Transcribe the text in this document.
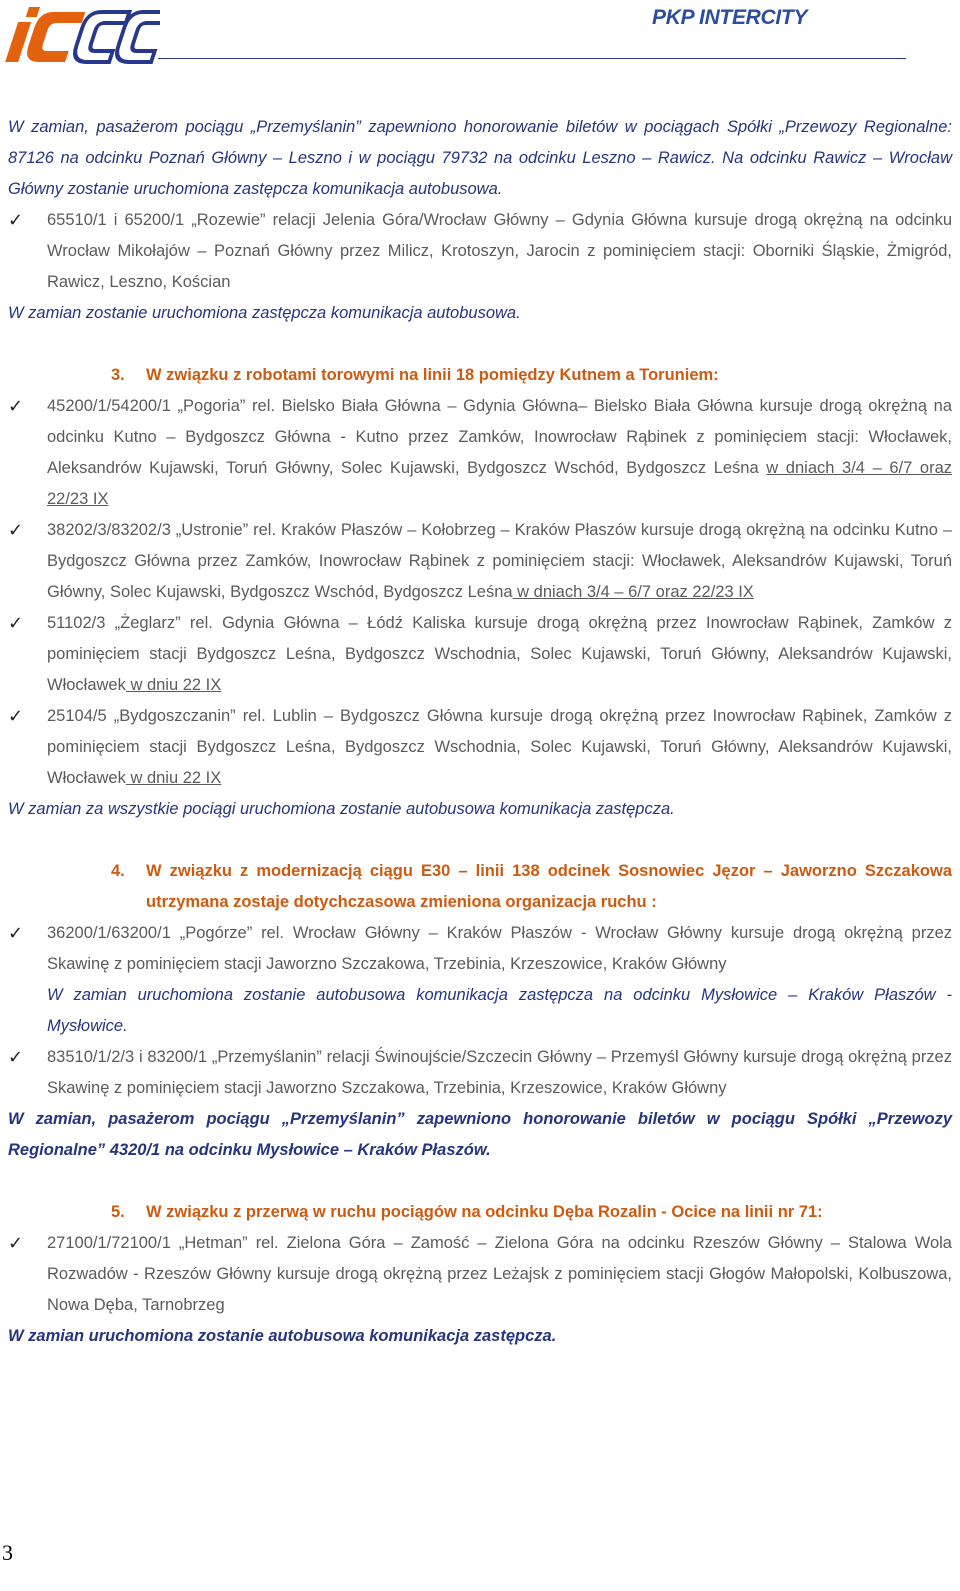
PKP INTERCITY

W zamian, pasażerom pociągu „Przemyślanin” zapewniono honorowanie biletów w pociągach Spółki „Przewozy Regionalne: 87126 na odcinku Poznań Główny – Leszno i w pociągu 79732 na odcinku Leszno – Rawicz. Na odcinku Rawicz – Wrocław Główny zostanie uruchomiona zastępcza komunikacja autobusowa.
✓ 65510/1 i 65200/1 „Rozewie” relacji Jelenia Góra/Wrocław Główny – Gdynia Główna kursuje drogą okrężną na odcinku Wrocław Mikołajów – Poznań Główny przez Milicz, Krotoszyn, Jarocin z pominięciem stacji: Oborniki Śląskie, Żmigród, Rawicz, Leszno, Kościan
W zamian zostanie uruchomiona zastępcza komunikacja autobusowa.
3.	W związku z robotami torowymi na linii 18 pomiędzy Kutnem a Toruniem:
✓ 45200/1/54200/1 „Pogoria” rel. Bielsko Biała Główna – Gdynia Główna– Bielsko Biała Główna kursuje drogą okrężną na odcinku Kutno – Bydgoszcz Główna - Kutno przez Zamków, Inowrocław Rąbinek z pominięciem stacji: Włocławek, Aleksandrów Kujawski, Toruń Główny, Solec Kujawski, Bydgoszcz Wschód, Bydgoszcz Leśna w dniach 3/4 – 6/7 oraz 22/23 IX
✓ 38202/3/83202/3 „Ustronie” rel. Kraków Płaszów – Kołobrzeg – Kraków Płaszów kursuje drogą okrężną na odcinku Kutno – Bydgoszcz Główna przez Zamków, Inowrocław Rąbinek z pominięciem stacji: Włocławek, Aleksandrów Kujawski, Toruń Główny, Solec Kujawski, Bydgoszcz Wschód, Bydgoszcz Leśna w dniach 3/4 – 6/7 oraz 22/23 IX
✓ 51102/3 „Żeglarz” rel. Gdynia Główna – Łódź Kaliska kursuje drogą okrężną przez Inowrocław Rąbinek, Zamków z pominięciem stacji Bydgoszcz Leśna, Bydgoszcz Wschodnia, Solec Kujawski, Toruń Główny, Aleksandrów Kujawski, Włocławek w dniu 22 IX
✓ 25104/5 „Bydgoszczanin” rel. Lublin – Bydgoszcz Główna kursuje drogą okrężną przez Inowrocław Rąbinek, Zamków z pominięciem stacji Bydgoszcz Leśna, Bydgoszcz Wschodnia, Solec Kujawski, Toruń Główny, Aleksandrów Kujawski, Włocławek w dniu 22 IX
W zamian za wszystkie pociągi uruchomiona zostanie autobusowa komunikacja zastępcza.
4.	W związku z modernizacją ciągu E30 – linii 138 odcinek Sosnowiec Jęzor – Jaworzno Szczakowa utrzymana zostaje dotychczasowa zmieniona organizacja ruchu :
✓ 36200/1/63200/1 „Pogórze” rel. Wrocław Główny – Kraków Płaszów - Wrocław Główny kursuje drogą okrężną przez Skawinę z pominięciem stacji Jaworzno Szczakowa, Trzebinia, Krzeszowice, Kraków Główny
W zamian uruchomiona zostanie autobusowa komunikacja zastępcza na odcinku Mysłowice – Kraków Płaszów - Mysłowice.
✓ 83510/1/2/3 i 83200/1 „Przemyślanin” relacji Świnoujście/Szczecin Główny – Przemyśl Główny kursuje drogą okrężną przez Skawinę z pominięciem stacji Jaworzno Szczakowa, Trzebinia, Krzeszowice, Kraków Główny
W zamian, pasażerom pociągu „Przemyślanin” zapewniono honorowanie biletów w pociągu Spółki „Przewozy Regionalne” 4320/1 na odcinku Mysłowice – Kraków Płaszów.
5.	W związku z przerwą w ruchu pociągów na odcinku Dęba Rozalin - Ocice na linii nr 71:
✓ 27100/1/72100/1 „Hetman” rel. Zielona Góra – Zamość – Zielona Góra na odcinku Rzeszów Główny – Stalowa Wola Rozwadów - Rzeszów Główny kursuje drogą okrężną przez Leżajsk z pominięciem stacji Głogów Małopolski, Kolbuszowa, Nowa Dęba, Tarnobrzeg
W zamian uruchomiona zostanie autobusowa komunikacja zastępcza.
3
